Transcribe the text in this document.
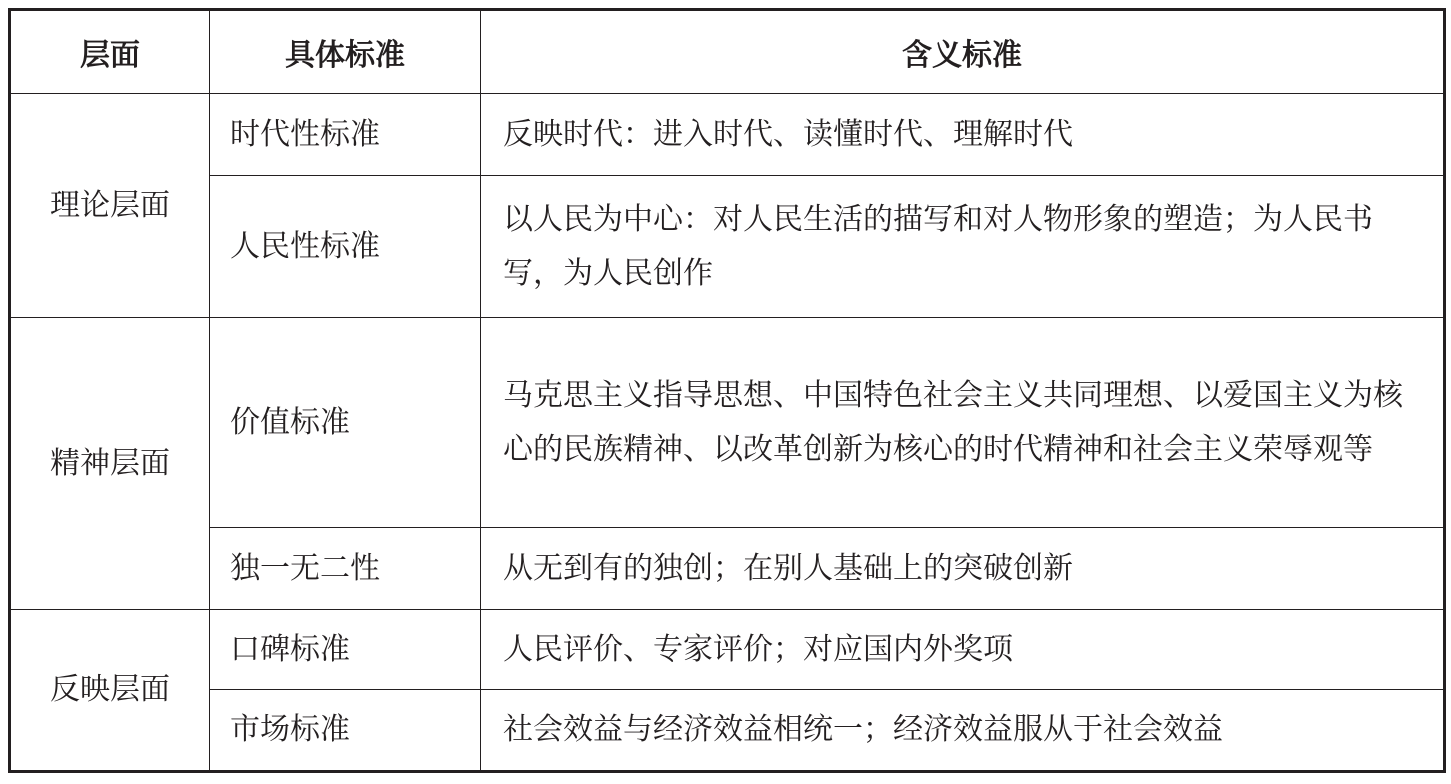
层面	具体标准	含义标准
理论层面	时代性标准	反映时代：进入时代、读懂时代、理解时代
	人民性标准	以人民为中心：对人民生活的描写和对人物形象的塑造；为人民书写，为人民创作
精神层面	价值标准	马克思主义指导思想、中国特色社会主义共同理想、以爱国主义为核心的民族精神、以改革创新为核心的时代精神和社会主义荣辱观等
	独一无二性	从无到有的独创；在别人基础上的突破创新
反映层面	口碑标准	人民评价、专家评价；对应国内外奖项
	市场标准	社会效益与经济效益相统一；经济效益服从于社会效益
